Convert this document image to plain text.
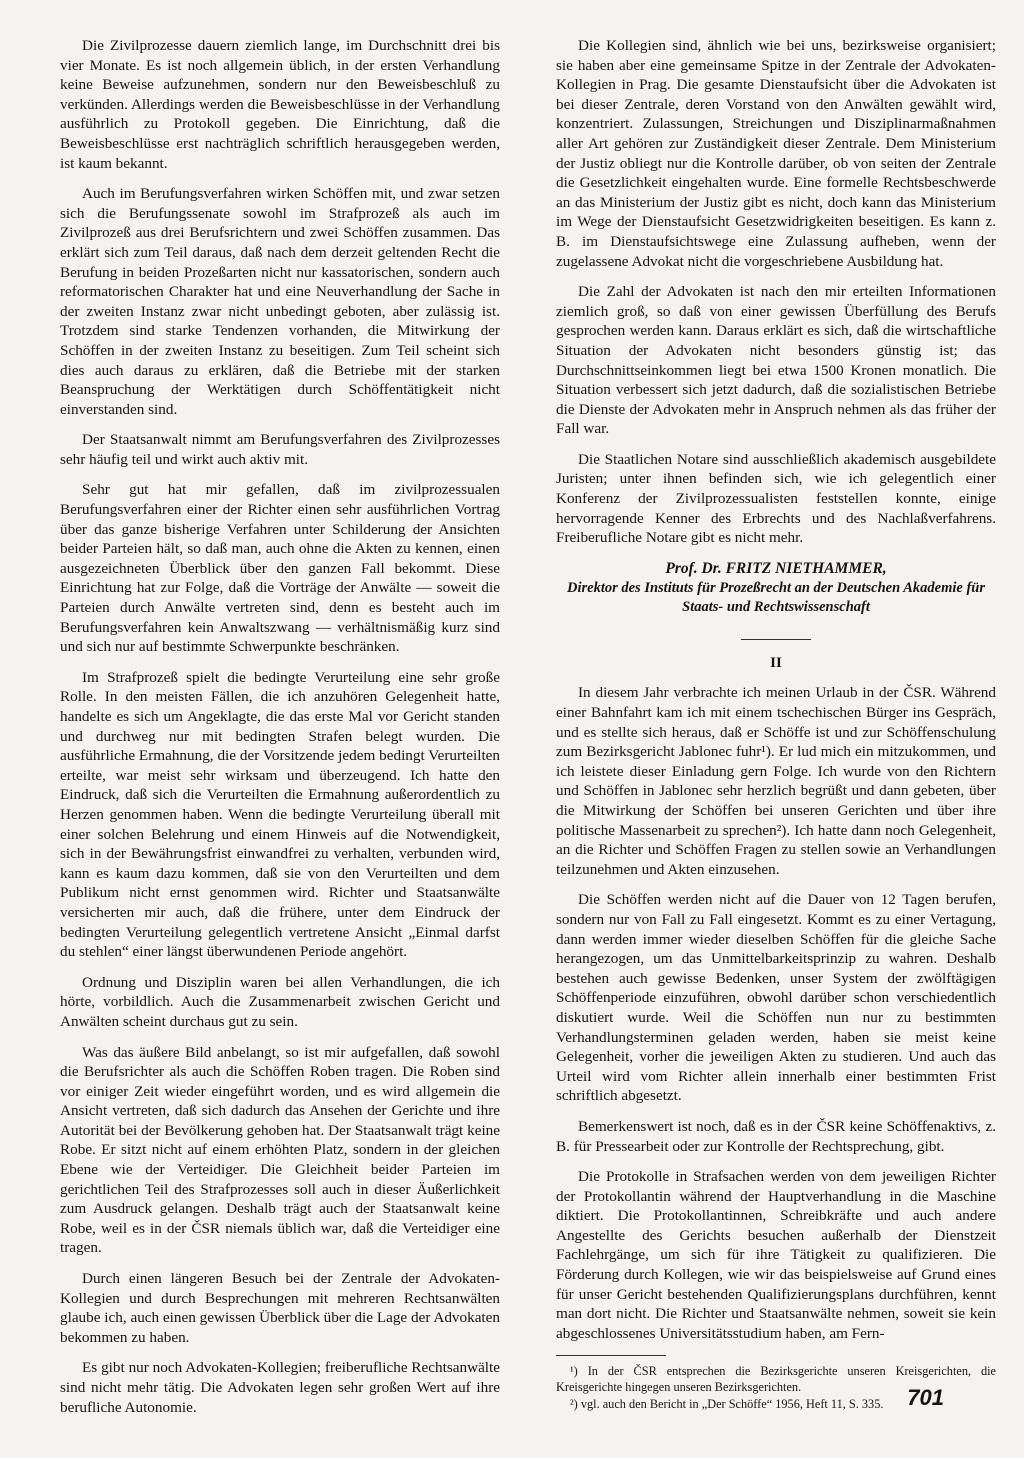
Die Zivilprozesse dauern ziemlich lange, im Durchschnitt drei bis vier Monate. Es ist noch allgemein üblich, in der ersten Verhandlung keine Beweise aufzunehmen, sondern nur den Beweisbeschluß zu verkünden. Allerdings werden die Beweisbeschlüsse in der Verhandlung ausführlich zu Protokoll gegeben. Die Einrichtung, daß die Beweisbeschlüsse erst nachträglich schriftlich herausgegeben werden, ist kaum bekannt.

Auch im Berufungsverfahren wirken Schöffen mit, und zwar setzen sich die Berufungssenate sowohl im Strafprozeß als auch im Zivilprozeß aus drei Berufsrichtern und zwei Schöffen zusammen. Das erklärt sich zum Teil daraus, daß nach dem derzeit geltenden Recht die Berufung in beiden Prozeßarten nicht nur kassatorischen, sondern auch reformatorischen Charakter hat und eine Neuverhandlung der Sache in der zweiten Instanz zwar nicht unbedingt geboten, aber zulässig ist. Trotzdem sind starke Tendenzen vorhanden, die Mitwirkung der Schöffen in der zweiten Instanz zu beseitigen. Zum Teil scheint sich dies auch daraus zu erklären, daß die Betriebe mit der starken Beanspruchung der Werktätigen durch Schöffentätigkeit nicht einverstanden sind.

Der Staatsanwalt nimmt am Berufungsverfahren des Zivilprozesses sehr häufig teil und wirkt auch aktiv mit.

Sehr gut hat mir gefallen, daß im zivilprozessualen Berufungsverfahren einer der Richter einen sehr ausführlichen Vortrag über das ganze bisherige Verfahren unter Schilderung der Ansichten beider Parteien hält, so daß man, auch ohne die Akten zu kennen, einen ausgezeichneten Überblick über den ganzen Fall bekommt. Diese Einrichtung hat zur Folge, daß die Vorträge der Anwälte — soweit die Parteien durch Anwälte vertreten sind, denn es besteht auch im Berufungsverfahren kein Anwaltszwang — verhältnismäßig kurz sind und sich nur auf bestimmte Schwerpunkte beschränken.

Im Strafprozeß spielt die bedingte Verurteilung eine sehr große Rolle. In den meisten Fällen, die ich anzuhören Gelegenheit hatte, handelte es sich um Angeklagte, die das erste Mal vor Gericht standen und durchweg nur mit bedingten Strafen belegt wurden. Die ausführliche Ermahnung, die der Vorsitzende jedem bedingt Verurteilten erteilte, war meist sehr wirksam und überzeugend. Ich hatte den Eindruck, daß sich die Verurteilten die Ermahnung außerordentlich zu Herzen genommen haben. Wenn die bedingte Verurteilung überall mit einer solchen Belehrung und einem Hinweis auf die Notwendigkeit, sich in der Bewährungsfrist einwandfrei zu verhalten, verbunden wird, kann es kaum dazu kommen, daß sie von den Verurteilten und dem Publikum nicht ernst genommen wird. Richter und Staatsanwälte versicherten mir auch, daß die frühere, unter dem Eindruck der bedingten Verurteilung gelegentlich vertretene Ansicht „Einmal darfst du stehlen“ einer längst überwundenen Periode angehört.

Ordnung und Disziplin waren bei allen Verhandlungen, die ich hörte, vorbildlich. Auch die Zusammenarbeit zwischen Gericht und Anwälten scheint durchaus gut zu sein.

Was das äußere Bild anbelangt, so ist mir aufgefallen, daß sowohl die Berufsrichter als auch die Schöffen Roben tragen. Die Roben sind vor einiger Zeit wieder eingeführt worden, und es wird allgemein die Ansicht vertreten, daß sich dadurch das Ansehen der Gerichte und ihre Autorität bei der Bevölkerung gehoben hat. Der Staatsanwalt trägt keine Robe. Er sitzt nicht auf einem erhöhten Platz, sondern in der gleichen Ebene wie der Verteidiger. Die Gleichheit beider Parteien im gerichtlichen Teil des Strafprozesses soll auch in dieser Äußerlichkeit zum Ausdruck gelangen. Deshalb trägt auch der Staatsanwalt keine Robe, weil es in der ČSR niemals üblich war, daß die Verteidiger eine tragen.

Durch einen längeren Besuch bei der Zentrale der Advokaten-Kollegien und durch Besprechungen mit mehreren Rechtsanwälten glaube ich, auch einen gewissen Überblick über die Lage der Advokaten bekommen zu haben.

Es gibt nur noch Advokaten-Kollegien; freiberufliche Rechtsanwälte sind nicht mehr tätig. Die Advokaten legen sehr großen Wert auf ihre berufliche Autonomie.

Die Kollegien sind, ähnlich wie bei uns, bezirksweise organisiert; sie haben aber eine gemeinsame Spitze in der Zentrale der Advokaten-Kollegien in Prag. Die gesamte Dienstaufsicht über die Advokaten ist bei dieser Zentrale, deren Vorstand von den Anwälten gewählt wird, konzentriert. Zulassungen, Streichungen und Disziplinarmaßnahmen aller Art gehören zur Zuständigkeit dieser Zentrale. Dem Ministerium der Justiz obliegt nur die Kontrolle darüber, ob von seiten der Zentrale die Gesetzlichkeit eingehalten wurde. Eine formelle Rechtsbeschwerde an das Ministerium der Justiz gibt es nicht, doch kann das Ministerium im Wege der Dienstaufsicht Gesetzwidrigkeiten beseitigen. Es kann z. B. im Dienstaufsichtswege eine Zulassung aufheben, wenn der zugelassene Advokat nicht die vorgeschriebene Ausbildung hat.

Die Zahl der Advokaten ist nach den mir erteilten Informationen ziemlich groß, so daß von einer gewissen Überfüllung des Berufs gesprochen werden kann. Daraus erklärt es sich, daß die wirtschaftliche Situation der Advokaten nicht besonders günstig ist; das Durchschnittseinkommen liegt bei etwa 1500 Kronen monatlich. Die Situation verbessert sich jetzt dadurch, daß die sozialistischen Betriebe die Dienste der Advokaten mehr in Anspruch nehmen als das früher der Fall war.

Die Staatlichen Notare sind ausschließlich akademisch ausgebildete Juristen; unter ihnen befinden sich, wie ich gelegentlich einer Konferenz der Zivilprozessualisten feststellen konnte, einige hervorragende Kenner des Erbrechts und des Nachlaßverfahrens. Freiberufliche Notare gibt es nicht mehr.

Prof. Dr. FRITZ NIETHAMMER,
Direktor des Instituts für Prozeßrecht an der Deutschen Akademie für Staats- und Rechtswissenschaft
II

In diesem Jahr verbrachte ich meinen Urlaub in der ČSR. Während einer Bahnfahrt kam ich mit einem tschechischen Bürger ins Gespräch, und es stellte sich heraus, daß er Schöffe ist und zur Schöffenschulung zum Bezirksgericht Jablonec fuhr¹). Er lud mich ein mitzukommen, und ich leistete dieser Einladung gern Folge. Ich wurde von den Richtern und Schöffen in Jablonec sehr herzlich begrüßt und dann gebeten, über die Mitwirkung der Schöffen bei unseren Gerichten und über ihre politische Massenarbeit zu sprechen²). Ich hatte dann noch Gelegenheit, an die Richter und Schöffen Fragen zu stellen sowie an Verhandlungen teilzunehmen und Akten einzusehen.

Die Schöffen werden nicht auf die Dauer von 12 Tagen berufen, sondern nur von Fall zu Fall eingesetzt. Kommt es zu einer Vertagung, dann werden immer wieder dieselben Schöffen für die gleiche Sache herangezogen, um das Unmittelbarkeitsprinzip zu wahren. Deshalb bestehen auch gewisse Bedenken, unser System der zwölftägigen Schöffenperiode einzuführen, obwohl darüber schon verschiedentlich diskutiert wurde. Weil die Schöffen nun nur zu bestimmten Verhandlungsterminen geladen werden, haben sie meist keine Gelegenheit, vorher die jeweiligen Akten zu studieren. Und auch das Urteil wird vom Richter allein innerhalb einer bestimmten Frist schriftlich abgesetzt.

Bemerkenswert ist noch, daß es in der ČSR keine Schöffenaktivs, z. B. für Pressearbeit oder zur Kontrolle der Rechtsprechung, gibt.

Die Protokolle in Strafsachen werden von dem jeweiligen Richter der Protokollantin während der Hauptverhandlung in die Maschine diktiert. Die Protokollantinnen, Schreibkräfte und auch andere Angestellte des Gerichts besuchen außerhalb der Dienstzeit Fachlehrgänge, um sich für ihre Tätigkeit zu qualifizieren. Die Förderung durch Kollegen, wie wir das beispielsweise auf Grund eines für unser Gericht bestehenden Qualifizierungsplans durchführen, kennt man dort nicht. Die Richter und Staatsanwälte nehmen, soweit sie kein abgeschlossenes Universitätsstudium haben, am Fern-

¹) In der ČSR entsprechen die Bezirksgerichte unseren Kreisgerichten, die Kreisgerichte hingegen unseren Bezirksgerichten.

²) vgl. auch den Bericht in „Der Schöffe“ 1956, Heft 11, S. 335.	701
